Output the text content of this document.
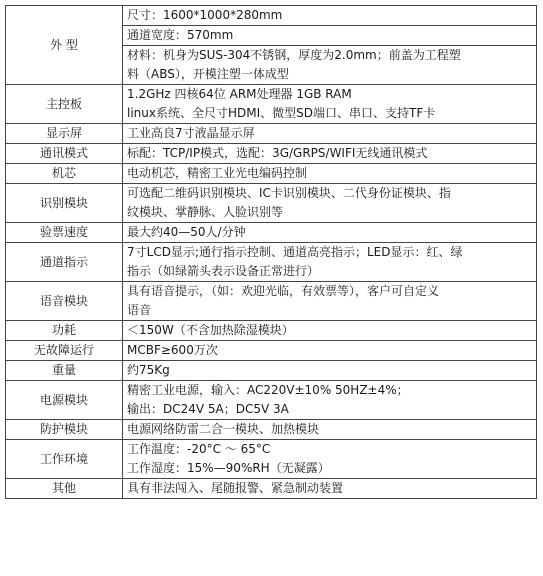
外 型	尺寸：1600*1000*280mm

	通道宽度：570mm

	材料：机身为SUS-304不锈钢，厚度为2.0mm；前盖为工程塑
料（ABS），开模注塑一体成型

主控板	1.2GHz 四核64位 ARM处理器 1GB RAM
linux系统、全尺寸HDMI、微型SD端口、串口、支持TF卡

显示屏	工业高良7寸液晶显示屏

通讯模式	标配：TCP/IP模式，选配：3G/GRPS/WIFI无线通讯模式

机芯	电动机芯，精密工业光电编码控制

识别模块	可选配二维码识别模块、IC卡识别模块、二代身份证模块、指
纹模块、掌静脉、人脸识别等

验票速度	最大约40—50人/分钟

通道指示	7寸LCD显示;通行指示控制、通道高亮指示；LED显示：红、绿
指示（如绿箭头表示设备正常进行）

语音模块	具有语音提示，（如：欢迎光临，有效票等），客户可自定义
语音

功耗	＜150W（不含加热除湿模块）

无故障运行	MCBF≥600万次

重量	约75Kg

电源模块	精密工业电源，输入：AC220V±10% 50HZ±4%；
输出：DC24V 5A；DC5V 3A

防护模块	电源网络防雷二合一模块、加热模块

工作环境	工作温度：-20°C ～ 65°C
工作湿度：15%—90%RH（无凝露）

其他	具有非法闯入、尾随报警、紧急制动装置
